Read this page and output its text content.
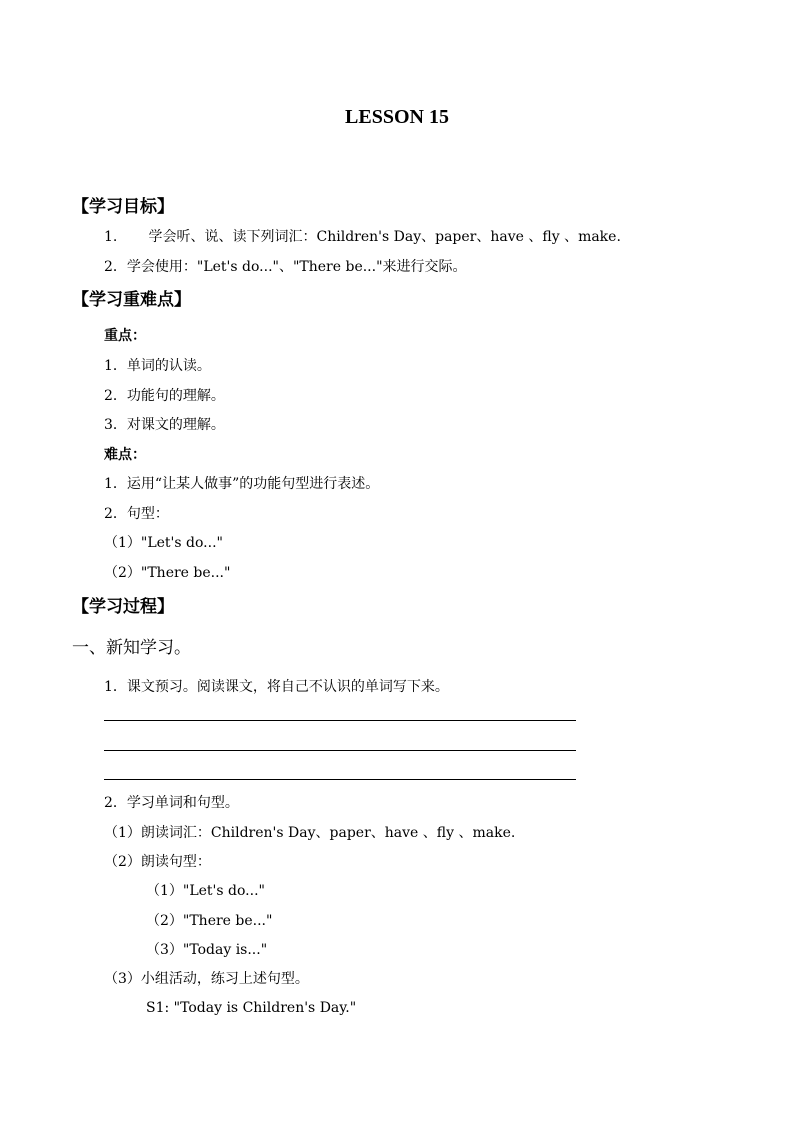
LESSON 15
【学习目标】
1.       学会听、说、读下列词汇：Children's Day、paper、have 、fly 、make.
2．学会使用："Let's do..."、"There be..."来进行交际。
【学习重难点】
重点：
1．单词的认读。
2．功能句的理解。
3．对课文的理解。
难点：
1．运用“让某人做事”的功能句型进行表述。
2．句型：
（1）"Let's do..."
（2）"There be..."
【学习过程】
一、新知学习。
1．课文预习。阅读课文，将自己不认识的单词写下来。
2．学习单词和句型。
（1）朗读词汇：Children's Day、paper、have 、fly 、make.
（2）朗读句型：
（1）"Let's do..."
（2）"There be..."
（3）"Today is..."
（3）小组活动，练习上述句型。
S1: "Today is Children's Day."
